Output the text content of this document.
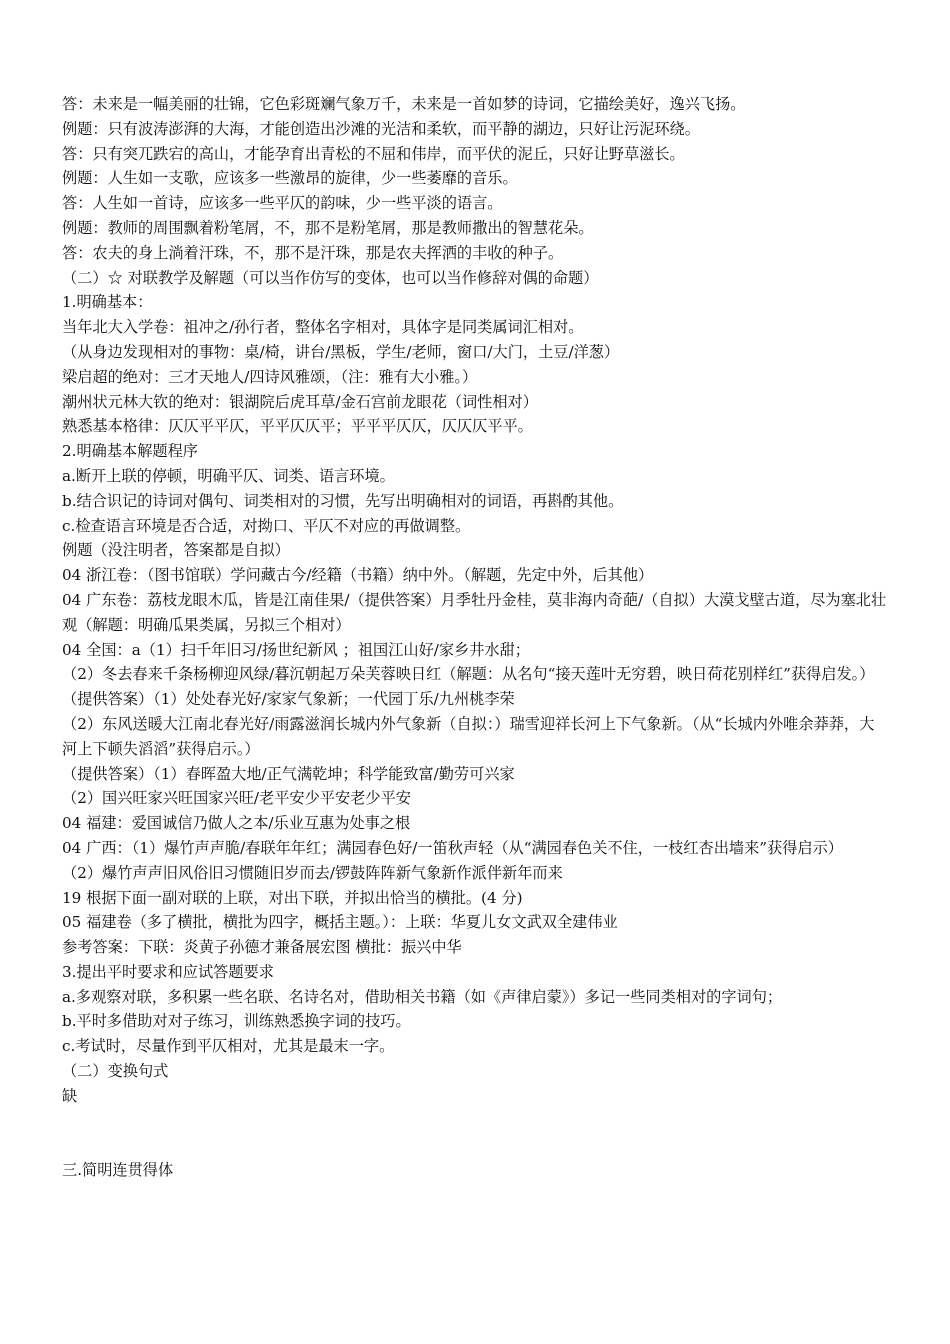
答：未来是一幅美丽的壮锦，它色彩斑斓气象万千，未来是一首如梦的诗词，它描绘美好，逸兴飞扬。
例题：只有波涛澎湃的大海，才能创造出沙滩的光洁和柔软，而平静的湖边，只好让污泥环绕。
答：只有突兀跌宕的高山，才能孕育出青松的不屈和伟岸，而平伏的泥丘，只好让野草滋长。
例题：人生如一支歌，应该多一些激昂的旋律，少一些萎靡的音乐。
答：人生如一首诗，应该多一些平仄的韵味，少一些平淡的语言。
例题：教师的周围飘着粉笔屑，不，那不是粉笔屑，那是教师撒出的智慧花朵。
答：农夫的身上淌着汗珠，不，那不是汗珠，那是农夫挥洒的丰收的种子。
（二）☆ 对联教学及解题（可以当作仿写的变体，也可以当作修辞对偶的命题）
1.明确基本：
当年北大入学卷：祖冲之/孙行者，整体名字相对，具体字是同类属词汇相对。
（从身边发现相对的事物：桌/椅，讲台/黑板，学生/老师，窗口/大门，土豆/洋葱）
梁启超的绝对：三才天地人/四诗风雅颂，（注：雅有大小雅。）
潮州状元林大钦的绝对：银湖院后虎耳草/金石宫前龙眼花（词性相对）
熟悉基本格律：仄仄平平仄，平平仄仄平；平平平仄仄，仄仄仄平平。
2.明确基本解题程序
a.断开上联的停顿，明确平仄、词类、语言环境。
b.结合识记的诗词对偶句、词类相对的习惯，先写出明确相对的词语，再斟酌其他。
c.检查语言环境是否合适，对拗口、平仄不对应的再做调整。
例题（没注明者，答案都是自拟）
04 浙江卷：（图书馆联）学问藏古今/经籍（书籍）纳中外。（解题，先定中外，后其他）
04 广东卷：荔枝龙眼木瓜，皆是江南佳果/（提供答案）月季牡丹金桂，莫非海内奇葩/（自拟）大漠戈壁古道，尽为塞北壮观（解题：明确瓜果类属，另拟三个相对）
04 全国：a（1）扫千年旧习/扬世纪新风 ；祖国江山好/家乡井水甜；
（2）冬去春来千条杨柳迎风绿/暮沉朝起万朵芙蓉映日红（解题：从名句“接天莲叶无穷碧，映日荷花别样红”获得启发。）
（提供答案）（1）处处春光好/家家气象新；一代园丁乐/九州桃李荣
（2）东风送暖大江南北春光好/雨露滋润长城内外气象新（自拟：）瑞雪迎祥长河上下气象新。（从“长城内外唯余莽莽，大河上下顿失滔滔”获得启示。）
（提供答案）（1）春晖盈大地/正气满乾坤；科学能致富/勤劳可兴家
（2）国兴旺家兴旺国家兴旺/老平安少平安老少平安
04 福建：爱国诚信乃做人之本/乐业互惠为处事之根
04 广西：（1）爆竹声声脆/春联年年红；满园春色好/一笛秋声轻（从“满园春色关不住，一枝红杏出墙来”获得启示）
（2）爆竹声声旧风俗旧习惯随旧岁而去/锣鼓阵阵新气象新作派伴新年而来
19 根据下面一副对联的上联，对出下联，并拟出恰当的横批。(4 分)
05 福建卷（多了横批，横批为四字，概括主题。）：上联：华夏儿女文武双全建伟业
参考答案：下联：炎黄子孙德才兼备展宏图 横批：振兴中华
3.提出平时要求和应试答题要求
a.多观察对联，多积累一些名联、名诗名对，借助相关书籍（如《声律启蒙》）多记一些同类相对的字词句；
b.平时多借助对对子练习，训练熟悉换字词的技巧。
c.考试时，尽量作到平仄相对，尤其是最末一字。
（二）变换句式
缺
三.简明连贯得体
